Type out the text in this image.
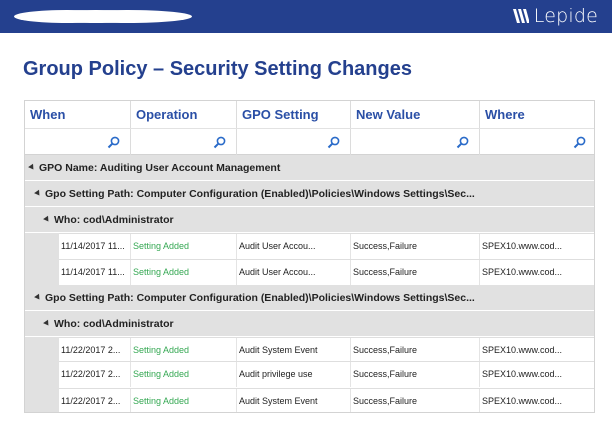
Lepide
Group Policy – Security Setting Changes
When	Operation	GPO Setting	New Value	Where
GPO Name: Auditing User Account Management
Gpo Setting Path: Computer Configuration (Enabled)\Policies\Windows Settings\Sec...
Who: cod\Administrator
11/14/2017 11... Setting Added	Audit User Accou...	Success,Failure	SPEX10.www.cod...
11/14/2017 11... Setting Added	Audit User Accou...	Success,Failure	SPEX10.www.cod...
Gpo Setting Path: Computer Configuration (Enabled)\Policies\Windows Settings\Sec...
Who: cod\Administrator
11/22/2017 2...	Setting Added	Audit System Event	Success,Failure	SPEX10.www.cod...
11/22/2017 2...	Setting Added	Audit privilege use	Success,Failure	SPEX10.www.cod...
11/22/2017 2...	Setting Added	Audit System Event	Success,Failure	SPEX10.www.cod...
